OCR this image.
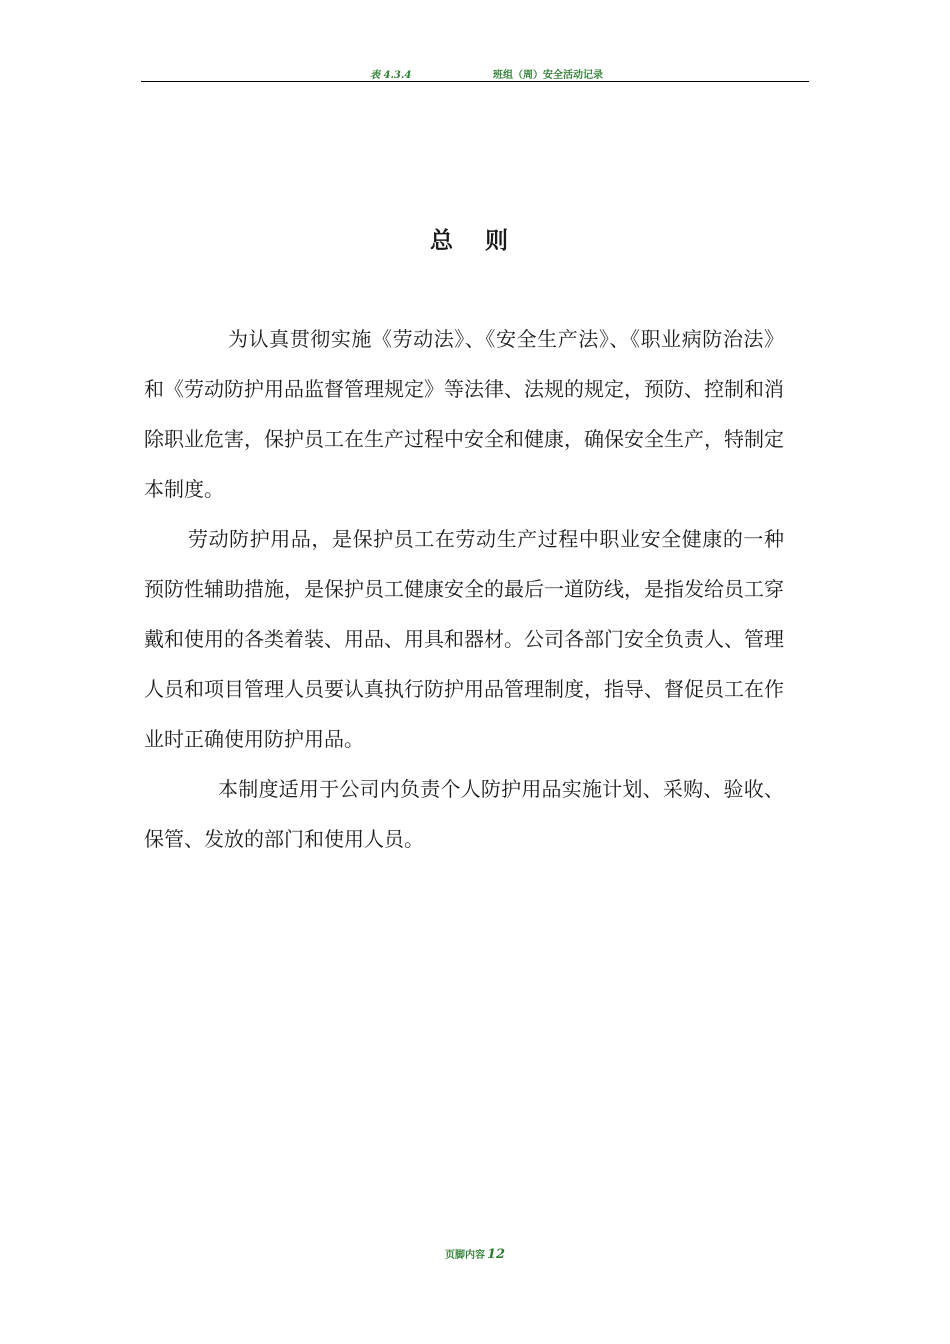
表 4.3.4	班组（周）安全活动记录
总 则

为认真贯彻实施《劳动法》、《安全生产法》、《职业病防治法》和《劳动防护用品监督管理规定》等法律、法规的规定，预防、控制和消除职业危害，保护员工在生产过程中安全和健康，确保安全生产，特制定本制度。

劳动防护用品，是保护员工在劳动生产过程中职业安全健康的一种预防性辅助措施，是保护员工健康安全的最后一道防线，是指发给员工穿戴和使用的各类着装、用品、用具和器材。公司各部门安全负责人、管理人员和项目管理人员要认真执行防护用品管理制度，指导、督促员工在作业时正确使用防护用品。

本制度适用于公司内负责个人防护用品实施计划、采购、验收、保管、发放的部门和使用人员。

页脚内容 12
